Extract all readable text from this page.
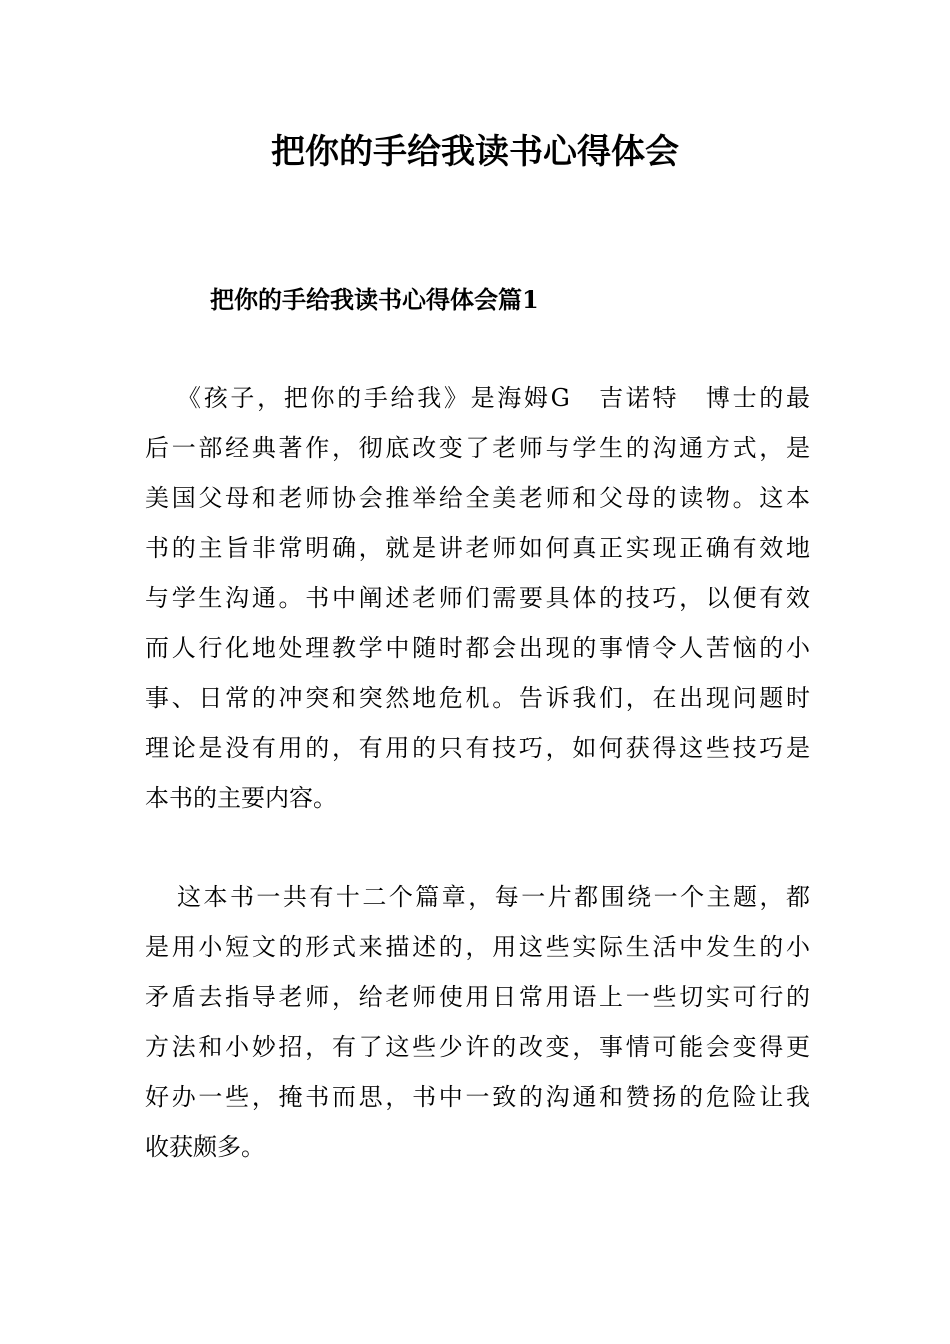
把你的手给我读书心得体会
把你的手给我读书心得体会篇1
《孩子，把你的手给我》是海姆G　吉诺特　博士的最
后一部经典著作，彻底改变了老师与学生的沟通方式，是
美国父母和老师协会推举给全美老师和父母的读物。这本
书的主旨非常明确，就是讲老师如何真正实现正确有效地
与学生沟通。书中阐述老师们需要具体的技巧，以便有效
而人行化地处理教学中随时都会出现的事情令人苦恼的小
事、日常的冲突和突然地危机。告诉我们，在出现问题时
理论是没有用的，有用的只有技巧，如何获得这些技巧是
本书的主要内容。
这本书一共有十二个篇章，每一片都围绕一个主题，都
是用小短文的形式来描述的，用这些实际生活中发生的小
矛盾去指导老师，给老师使用日常用语上一些切实可行的
方法和小妙招，有了这些少许的改变，事情可能会变得更
好办一些，掩书而思，书中一致的沟通和赞扬的危险让我
收获颇多。
